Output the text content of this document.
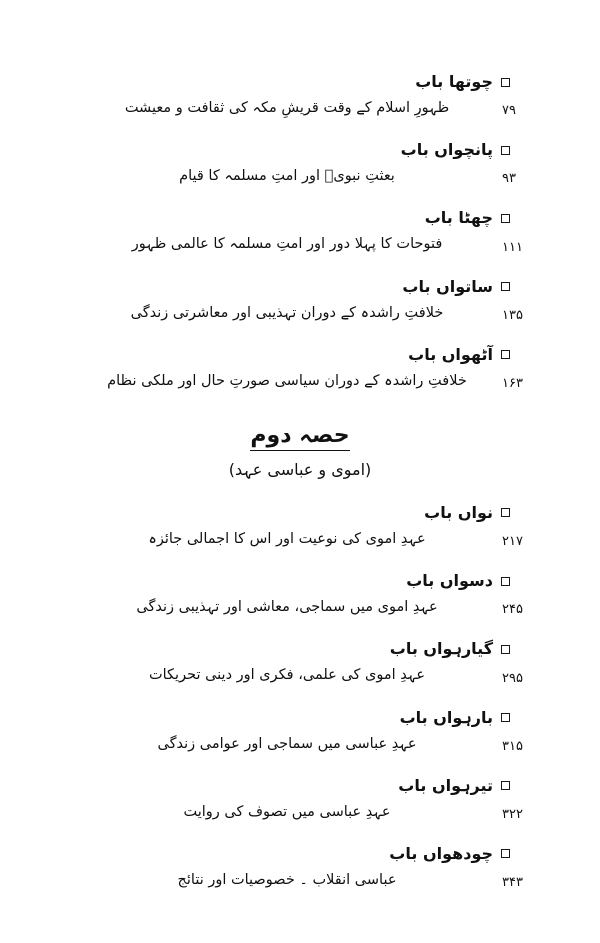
چوتھا باب
۷۹
ظہورِ اسلام کے وقت قریشِ مکہ کی ثقافت و معیشت
پانچواں باب
۹۳
بعثتِ نبویؐ اور امتِ مسلمہ کا قیام
چھٹا باب
۱۱۱
فتوحات کا پہلا دور اور امتِ مسلمہ کا عالمی ظہور
ساتواں باب
۱۳۵
خلافتِ راشدہ کے دوران تہذیبی اور معاشرتی زندگی
آٹھواں باب
۱۶۳
خلافتِ راشدہ کے دوران سیاسی صورتِ حال اور ملکی نظام
حصہ دوم
(اموی و عباسی عہد)
نواں باب
۲۱۷
عہدِ اموی کی نوعیت اور اس کا اجمالی جائزہ
دسواں باب
۲۴۵
عہدِ اموی میں سماجی، معاشی اور تہذیبی زندگی
گیارہواں باب
۲۹۵
عہدِ اموی کی علمی، فکری اور دینی تحریکات
بارہواں باب
۳۱۵
عہدِ عباسی میں سماجی اور عوامی زندگی
تیرہواں باب
۳۲۲
عہدِ عباسی میں تصوف کی روایت
چودھواں باب
۳۴۳
عباسی انقلاب ۔ خصوصیات اور نتائج
